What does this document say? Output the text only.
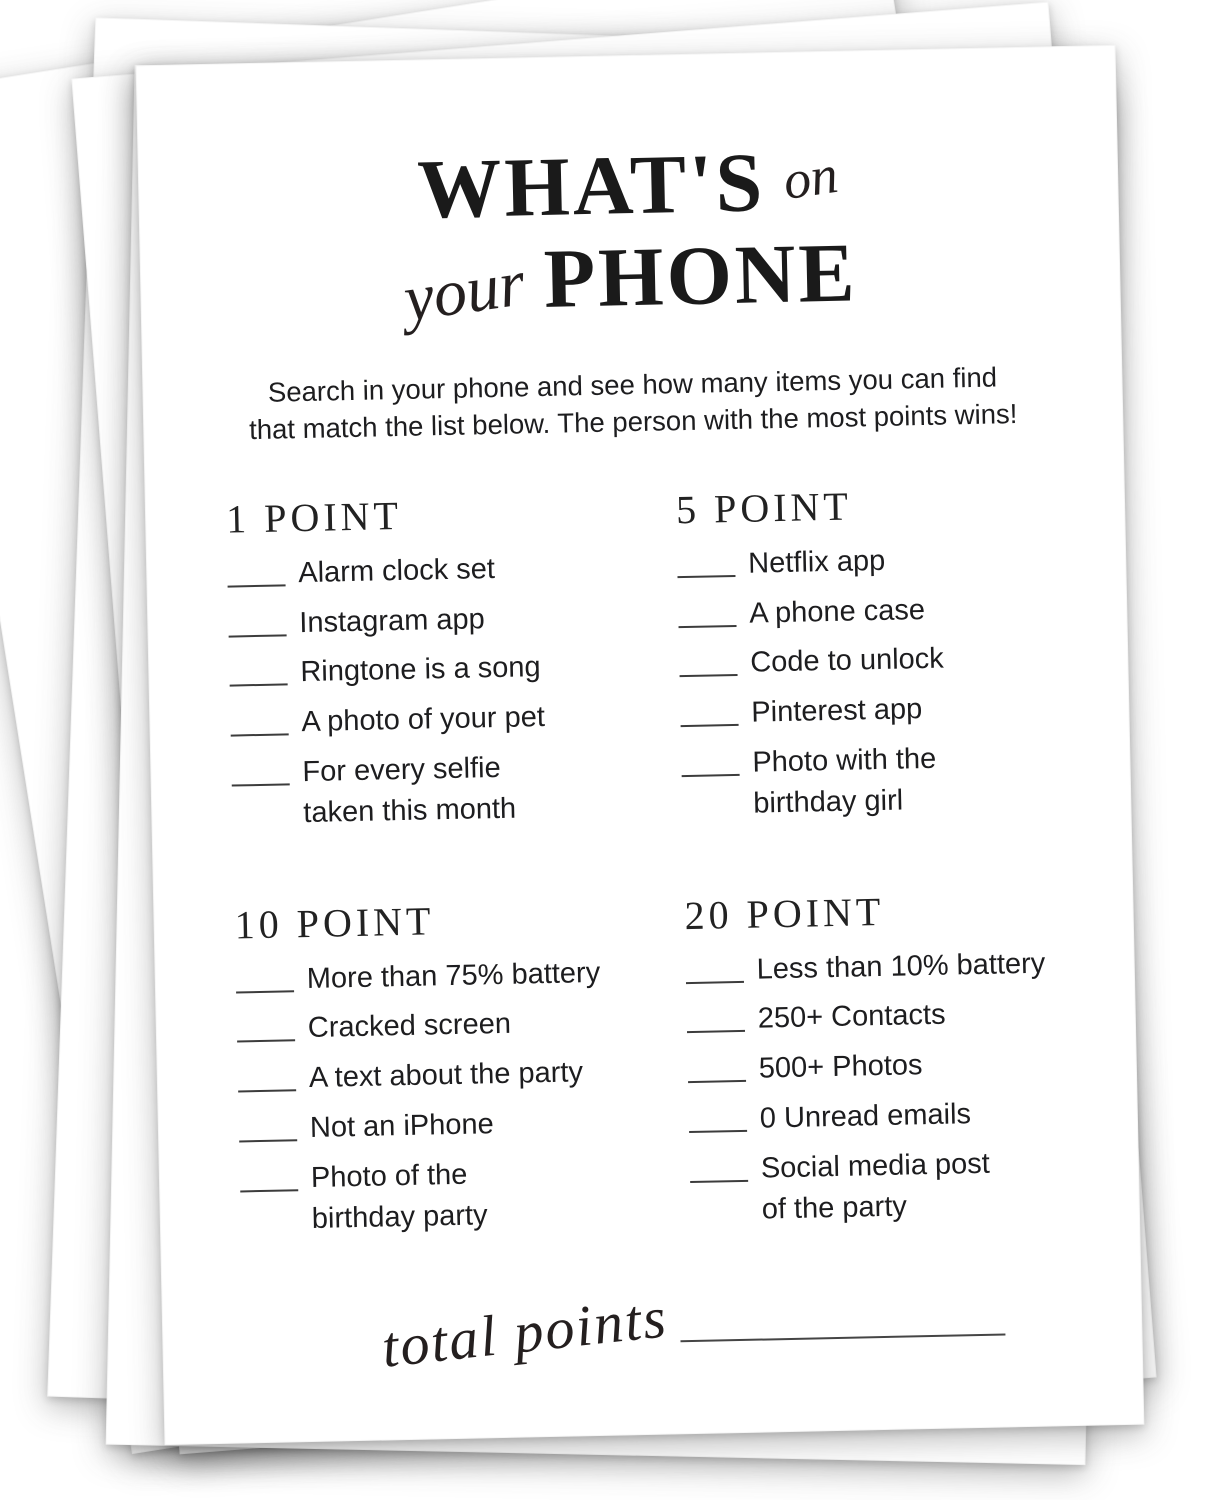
WHAT'S on
your PHONE
Search in your phone and see how many items you can find
that match the list below. The person with the most points wins!
1 POINT
Alarm clock set
Instagram app
Ringtone is a song
A photo of your pet
For every selfie
taken this month
5 POINT
Netflix app
A phone case
Code to unlock
Pinterest app
Photo with the
birthday girl
10 POINT
More than 75% battery
Cracked screen
A text about the party
Not an iPhone
Photo of the
birthday party
20 POINT
Less than 10% battery
250+ Contacts
500+ Photos
0 Unread emails
Social media post
of the party
total points
